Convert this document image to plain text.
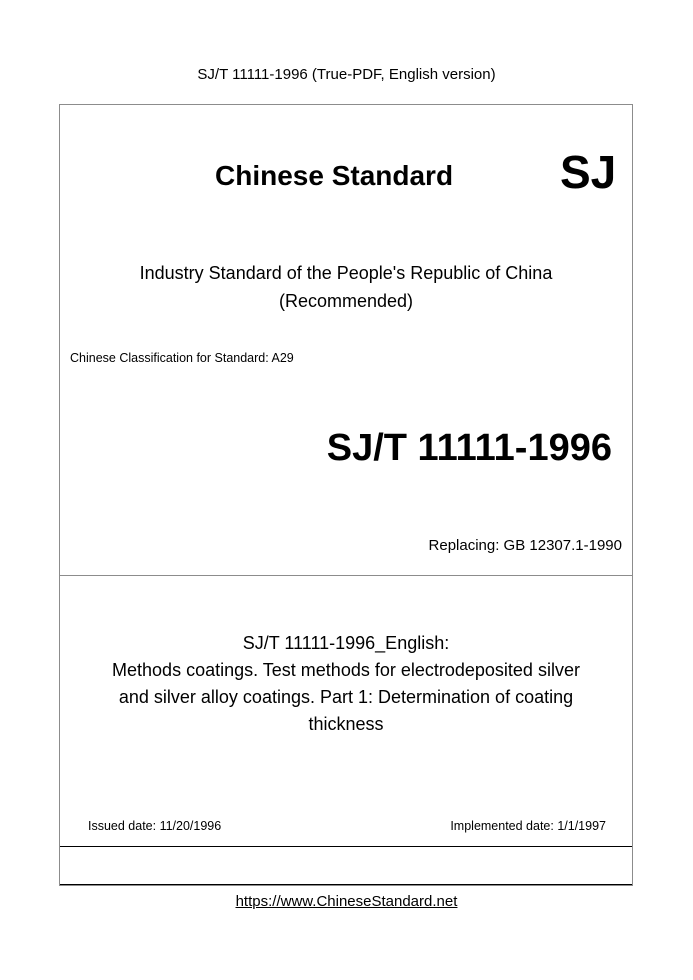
SJ/T 11111-1996 (True-PDF, English version)
Chinese Standard SJ
Industry Standard of the People's Republic of China
(Recommended)
Chinese Classification for Standard: A29
SJ/T 11111-1996
Replacing: GB 12307.1-1990
SJ/T 11111-1996_English:
Methods coatings. Test methods for electrodeposited silver
and silver alloy coatings. Part 1: Determination of coating
thickness
Issued date: 11/20/1996	Implemented date: 1/1/1997
https://www.ChineseStandard.net
